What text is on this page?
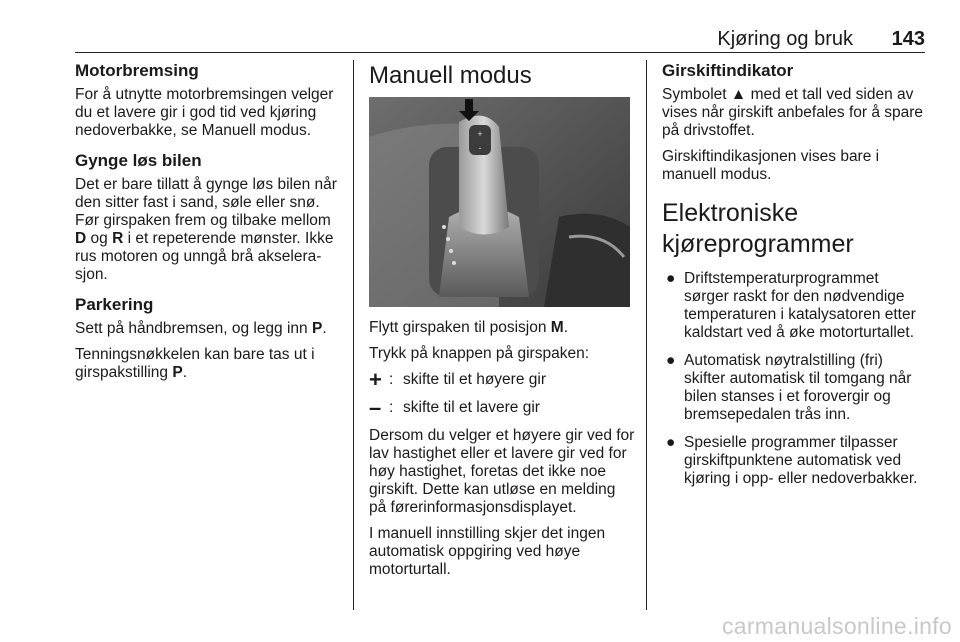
Kjøring og bruk 143
Motorbremsing

For å utnytte motorbremsingen velger du et lavere gir i god tid ved kjøring nedoverbakke, se Manuell modus.

Gynge løs bilen

Det er bare tillatt å gynge løs bilen når den sitter fast i sand, søle eller snø.

Før girspaken frem og tilbake mellom D og R i et repeterende mønster. Ikke rus motoren og unngå brå akselerasjon.

Parkering

Sett på håndbremsen, og legg inn P.

Tenningsnøkkelen kan bare tas ut i girspakstilling P.

Manuell modus
+
-

Flytt girspaken til posisjon M.

Trykk på knappen på girspaken:

+ : skifte til et høyere gir
– : skifte til et lavere gir

Dersom du velger et høyere gir ved for lav hastighet eller et lavere gir ved for høy hastighet, foretas det ikke noe girskift. Dette kan utløse en melding på førerinformasjonsdisplayet.

I manuell innstilling skjer det ingen automatisk oppgiring ved høye motorturtall.

Girskiftindikator

Symbolet ▲ med et tall ved siden av vises når girskift anbefales for å spare på drivstoffet.

Girskiftindikasjonen vises bare i manuell modus.

Elektroniske kjøreprogrammer
● Driftstemperaturprogrammet sørger raskt for den nødvendige temperaturen i katalysatoren etter kaldstart ved å øke motorturtallet.
● Automatisk nøytralstilling (fri) skifter automatisk til tomgang når bilen stanses i et forovergir og bremsepedalen trås inn.
● Spesielle programmer tilpasser girskiftpunktene automatisk ved kjøring i opp- eller nedoverbakker.
carmanualsonline.info
